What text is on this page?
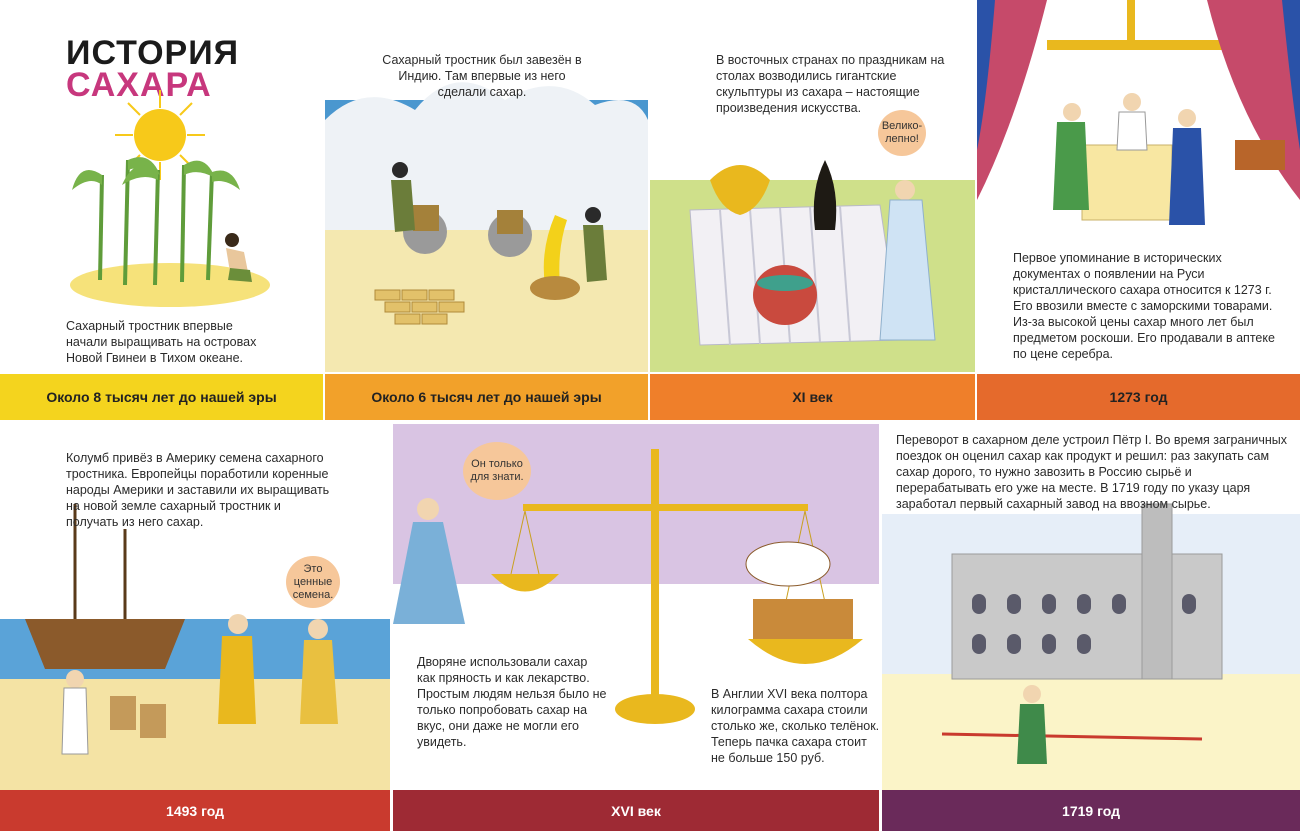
ИСТОРИЯ
САХАРА
Сахарный тростник впервые начали выращивать на островах Новой Гвинеи в Тихом океане.
Около 8 тысяч лет до нашей эры
Сахарный тростник был завезён в Индию. Там впервые из него сделали сахар.
Около 6 тысяч лет до нашей эры
В восточных странах по праздникам на столах возводились гигантские скульптуры из сахара – настоящие произведения искусства.
Велико-лепно!
XI век
Первое упоминание в исторических документах о появлении на Руси кристаллического сахара относится к 1273 г. Его ввозили вместе с заморскими товарами. Из-за высокой цены сахар много лет был предметом роскоши. Его продавали в аптеке по цене серебра.
1273 год
Колумб привёз в Америку семена сахарного тростника. Европейцы поработили коренные народы Америки и заставили их выращивать на новой земле сахарный тростник и получать из него сахар.
Это ценные семена.
1493 год
Он только для знати.
Дворяне использовали сахар как пряность и как лекарство. Простым людям нельзя было не только попробовать сахар на вкус, они даже не могли его увидеть.
В Англии XVI века полтора килограмма сахара стоили столько же, сколько телёнок. Теперь пачка сахара стоит не больше 150 руб.
XVI век
Переворот в сахарном деле устроил Пётр I. Во время заграничных поездок он оценил сахар как продукт и решил: раз закупать сам сахар дорого, то нужно завозить в Россию сырьё и перерабатывать его уже на месте. В 1719 году по указу царя заработал первый сахарный завод на ввозном сырье.
1719 год
